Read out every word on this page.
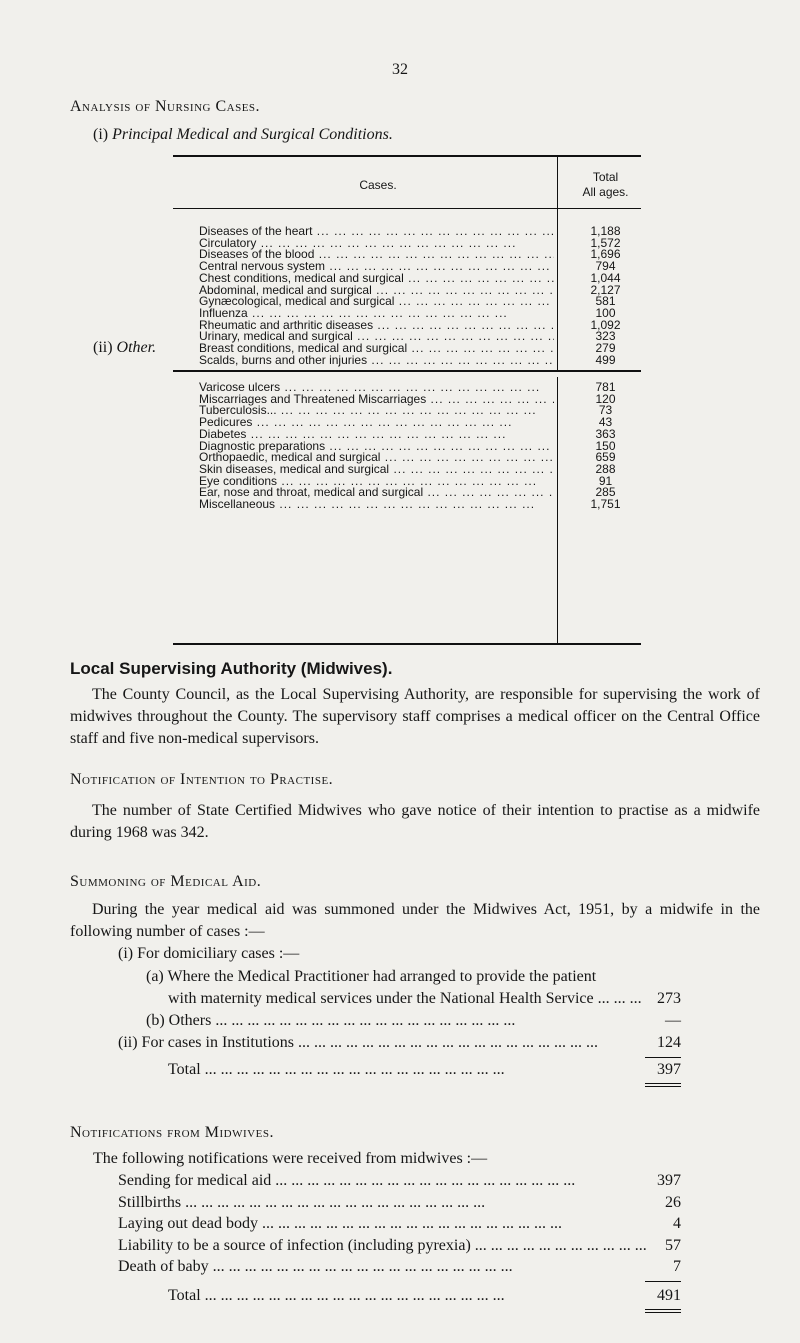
32
Analysis of Nursing Cases.
(i) Principal Medical and Surgical Conditions.
Cases.
Total
All ages.
Diseases of the heart ...	1,188
Circulatory ...	1,572
Diseases of the blood ...	1,696
Central nervous system ...	794
Chest conditions, medical and surgical ...	1,044
Abdominal, medical and surgical ...	2,127
Gynæcological, medical and surgical ...	581
Influenza ...	100
Rheumatic and arthritic diseases ...	1,092
Urinary, medical and surgical ...	323
Breast conditions, medical and surgical ...	279
Scalds, burns and other injuries ...	499
(ii) Other.
Varicose ulcers ...	781
Miscarriages and Threatened Miscarriages ...	120
Tuberculosis... ...	73
Pedicures ...	43
Diabetes ...	363
Diagnostic preparations ...	150
Orthopaedic, medical and surgical ...	659
Skin diseases, medical and surgical ...	288
Eye conditions ...	91
Ear, nose and throat, medical and surgical ...	285
Miscellaneous ...	1,751
Local Supervising Authority (Midwives).
The County Council, as the Local Supervising Authority, are responsible for supervising the work of midwives throughout the County. The supervisory staff comprises a medical officer on the Central Office staff and five non-medical supervisors.
Notification of Intention to Practise.
The number of State Certified Midwives who gave notice of their intention to practise as a midwife during 1968 was 342.
Summoning of Medical Aid.
During the year medical aid was summoned under the Midwives Act, 1951, by a midwife in the following number of cases :—
(i) For domiciliary cases :—
(a) Where the Medical Practitioner had arranged to provide the patient
with maternity medical services under the National Health Service ...	273
(b) Others ...	—
(ii) For cases in Institutions ...	124
Total ...	397
Notifications from Midwives.
The following notifications were received from midwives :—
Sending for medical aid ...	397
Stillbirths ...	26
Laying out dead body ...	4
Liability to be a source of infection (including pyrexia) ...	57
Death of baby ...	7
Total ...	491
